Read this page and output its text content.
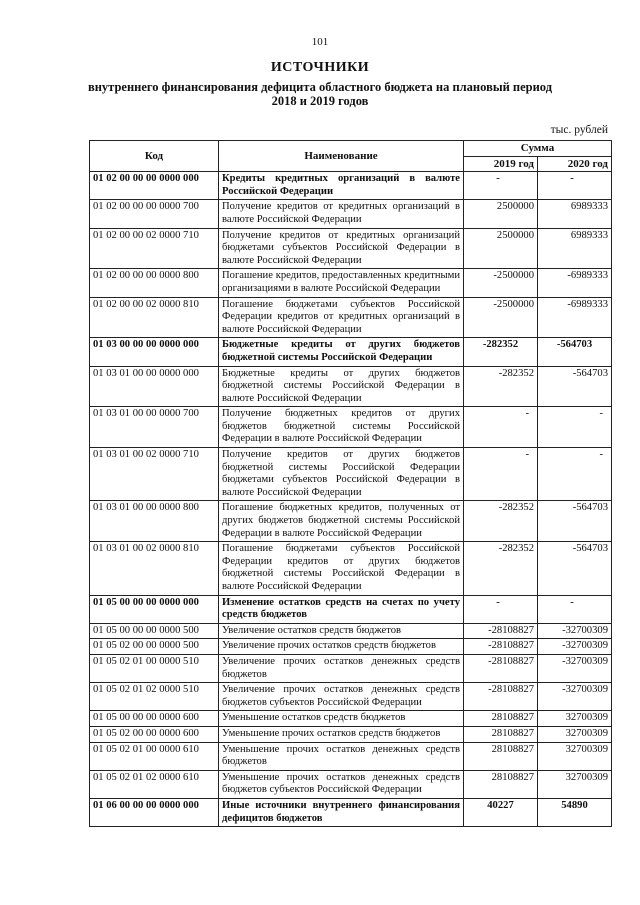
101
ИСТОЧНИКИ
внутреннего финансирования дефицита областного бюджета на плановый период
2018 и 2019 годов
тыс. рублей
Код	Наименование	Сумма	
		2019 год	2020 год
01 02 00 00 00 0000 000	Кредиты кредитных организаций в валюте Российской Федерации	-	-
01 02 00 00 00 0000 700	Получение кредитов от кредитных организаций в валюте Российской Федерации	2500000	6989333
01 02 00 00 02 0000 710	Получение кредитов от кредитных организаций бюджетами субъектов Российской Федерации в валюте Российской Федерации	2500000	6989333
01 02 00 00 00 0000 800	Погашение кредитов, предоставленных кредитными организациями в валюте Российской Федерации	-2500000	-6989333
01 02 00 00 02 0000 810	Погашение бюджетами субъектов Российской Федерации кредитов от кредитных организаций в валюте Российской Федерации	-2500000	-6989333
01 03 00 00 00 0000 000	Бюджетные кредиты от других бюджетов бюджетной системы Российской Федерации	-282352	-564703
01 03 01 00 00 0000 000	Бюджетные кредиты от других бюджетов бюджетной системы Российской Федерации в валюте Российской Федерации	-282352	-564703
01 03 01 00 00 0000 700	Получение бюджетных кредитов от других бюджетов бюджетной системы Российской Федерации в валюте Российской Федерации	-	-
01 03 01 00 02 0000 710	Получение кредитов от других бюджетов бюджетной системы Российской Федерации бюджетами субъектов Российской Федерации в валюте Российской Федерации	-	-
01 03 01 00 00 0000 800	Погашение бюджетных кредитов, полученных от других бюджетов бюджетной системы Российской Федерации в валюте Российской Федерации	-282352	-564703
01 03 01 00 02 0000 810	Погашение бюджетами субъектов Российской Федерации кредитов от других бюджетов бюджетной системы Российской Федерации в валюте Российской Федерации	-282352	-564703
01 05 00 00 00 0000 000	Изменение остатков средств на счетах по учету средств бюджетов	-	-
01 05 00 00 00 0000 500	Увеличение остатков средств бюджетов	-28108827	-32700309
01 05 02 00 00 0000 500	Увеличение прочих остатков средств бюджетов	-28108827	-32700309
01 05 02 01 00 0000 510	Увеличение прочих остатков денежных средств бюджетов	-28108827	-32700309
01 05 02 01 02 0000 510	Увеличение прочих остатков денежных средств бюджетов субъектов Российской Федерации	-28108827	-32700309
01 05 00 00 00 0000 600	Уменьшение остатков средств бюджетов	28108827	32700309
01 05 02 00 00 0000 600	Уменьшение прочих остатков средств бюджетов	28108827	32700309
01 05 02 01 00 0000 610	Уменьшение прочих остатков денежных средств бюджетов	28108827	32700309
01 05 02 01 02 0000 610	Уменьшение прочих остатков денежных средств бюджетов субъектов Российской Федерации	28108827	32700309
01 06 00 00 00 0000 000	Иные источники внутреннего финансирования дефицитов бюджетов	40227	54890
